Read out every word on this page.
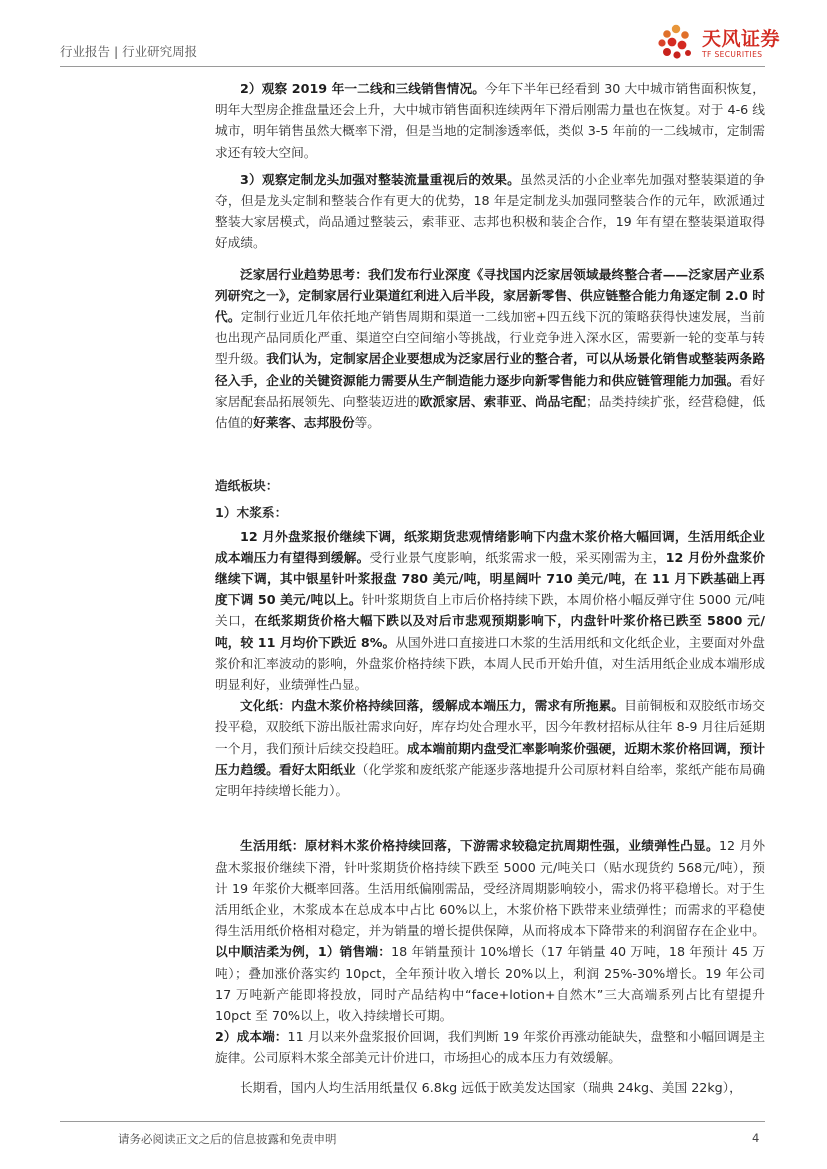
行业报告 | 行业研究周报
天风证券
TF SECURITIES

2）观察 2019 年一二线和三线销售情况。今年下半年已经看到 30 大中城市销售面积恢复，明年大型房企推盘量还会上升，大中城市销售面积连续两年下滑后刚需力量也在恢复。对于 4-6 线城市，明年销售虽然大概率下滑，但是当地的定制渗透率低，类似 3-5 年前的一二线城市，定制需求还有较大空间。

3）观察定制龙头加强对整装流量重视后的效果。虽然灵活的小企业率先加强对整装渠道的争夺，但是龙头定制和整装合作有更大的优势，18 年是定制龙头加强同整装合作的元年，欧派通过整装大家居模式，尚品通过整装云，索菲亚、志邦也积极和装企合作，19 年有望在整装渠道取得好成绩。

泛家居行业趋势思考：我们发布行业深度《寻找国内泛家居领域最终整合者——泛家居产业系列研究之一》，定制家居行业渠道红利进入后半段，家居新零售、供应链整合能力角逐定制 2.0 时代。定制行业近几年依托地产销售周期和渠道一二线加密+四五线下沉的策略获得快速发展，当前也出现产品同质化严重、渠道空白空间缩小等挑战，行业竞争进入深水区，需要新一轮的变革与转型升级。我们认为，定制家居企业要想成为泛家居行业的整合者，可以从场景化销售或整装两条路径入手，企业的关键资源能力需要从生产制造能力逐步向新零售能力和供应链管理能力加强。看好家居配套品拓展领先、向整装迈进的欧派家居、索菲亚、尚品宅配；品类持续扩张，经营稳健，低估值的好莱客、志邦股份等。

造纸板块：

1）木浆系：

12 月外盘浆报价继续下调，纸浆期货悲观情绪影响下内盘木浆价格大幅回调，生活用纸企业成本端压力有望得到缓解。受行业景气度影响，纸浆需求一般，采买刚需为主，12 月份外盘浆价继续下调，其中银星针叶浆报盘 780 美元/吨，明星阔叶 710 美元/吨，在 11 月下跌基础上再度下调 50 美元/吨以上。针叶浆期货自上市后价格持续下跌，本周价格小幅反弹守住 5000 元/吨关口，在纸浆期货价格大幅下跌以及对后市悲观预期影响下，内盘针叶浆价格已跌至 5800 元/吨，较 11 月均价下跌近 8%。从国外进口直接进口木浆的生活用纸和文化纸企业，主要面对外盘浆价和汇率波动的影响，外盘浆价格持续下跌，本周人民币开始升值，对生活用纸企业成本端形成明显利好，业绩弹性凸显。

文化纸：内盘木浆价格持续回落，缓解成本端压力，需求有所拖累。目前铜板和双胶纸市场交投平稳，双胶纸下游出版社需求向好，库存均处合理水平，因今年教材招标从往年 8-9 月往后延期一个月，我们预计后续交投趋旺。成本端前期内盘受汇率影响浆价强硬，近期木浆价格回调，预计压力趋缓。看好太阳纸业（化学浆和废纸浆产能逐步落地提升公司原材料自给率，浆纸产能布局确定明年持续增长能力）。

生活用纸：原材料木浆价格持续回落，下游需求较稳定抗周期性强，业绩弹性凸显。12 月外盘木浆报价继续下滑，针叶浆期货价格持续下跌至 5000 元/吨关口（贴水现货约 568元/吨），预计 19 年浆价大概率回落。生活用纸偏刚需品，受经济周期影响较小，需求仍将平稳增长。对于生活用纸企业，木浆成本在总成本中占比 60%以上，木浆价格下跌带来业绩弹性；而需求的平稳使得生活用纸价格相对稳定，并为销量的增长提供保障，从而将成本下降带来的利润留存在企业中。以中顺洁柔为例，1）销售端：18 年销量预计 10%增长（17 年销量 40 万吨，18 年预计 45 万吨）；叠加涨价落实约 10pct，全年预计收入增长 20%以上，利润 25%-30%增长。19 年公司 17 万吨新产能即将投放，同时产品结构中“face+lotion+自然木”三大高端系列占比有望提升 10pct 至 70%以上，收入持续增长可期。

2）成本端：11 月以来外盘浆报价回调，我们判断 19 年浆价再涨动能缺失，盘整和小幅回调是主旋律。公司原料木浆全部美元计价进口，市场担心的成本压力有效缓解。

长期看，国内人均生活用纸量仅 6.8kg 远低于欧美发达国家（瑞典 24kg、美国 22kg），

请务必阅读正文之后的信息披露和免责申明	4
